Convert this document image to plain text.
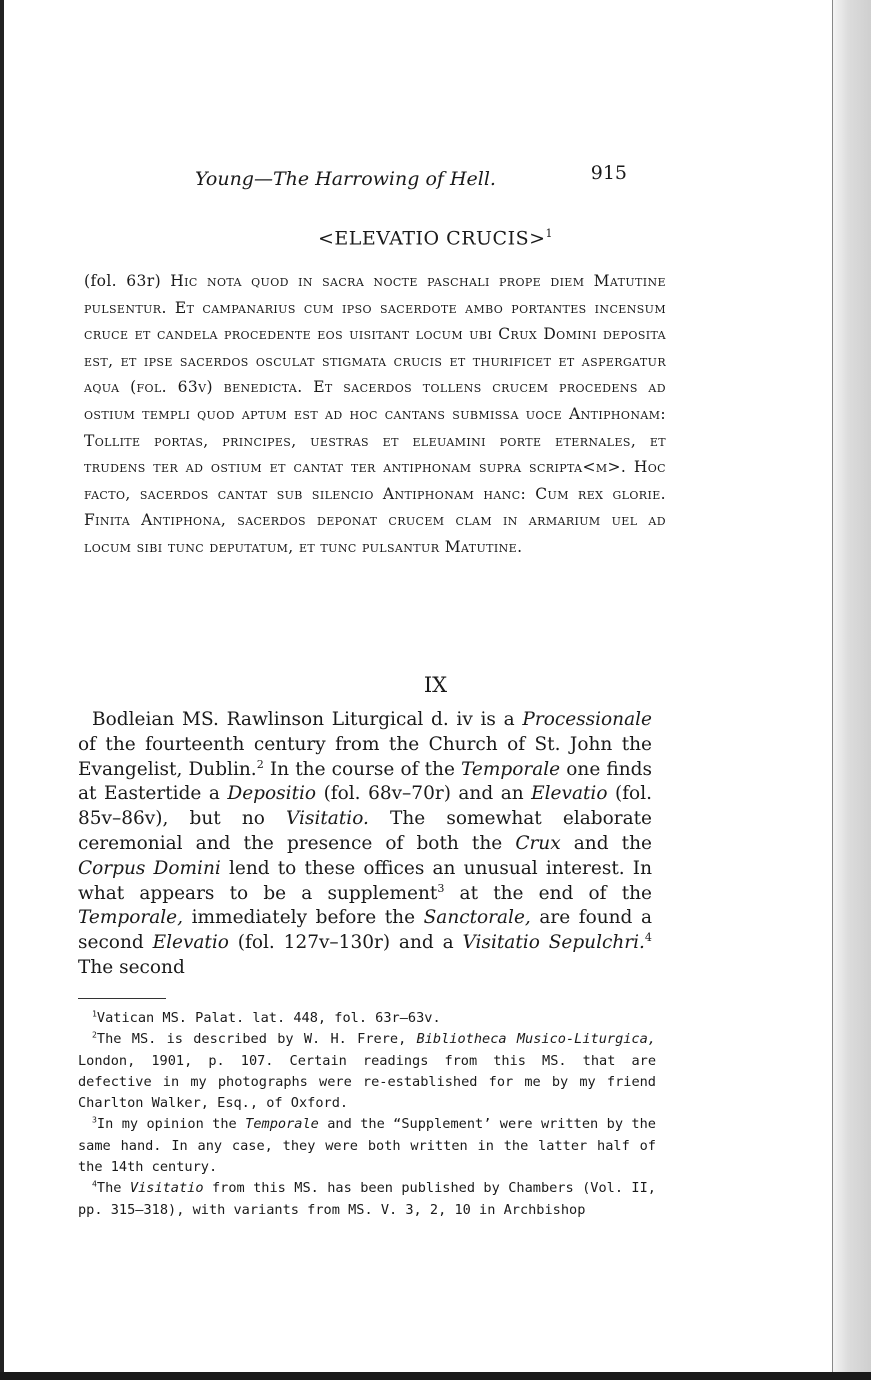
Young—The Harrowing of Hell.	915
<ELEVATIO CRUCIS>$^1$
(fol. 63r) Hic nota quod in sacra nocte paschali prope diem Matutine pulsentur. Et campanarius cum ipso sacerdote ambo portantes incensum cruce et candela procedente eos uisitant locum ubi Crux Domini deposita est, et ipse sacerdos osculat stigmata crucis et thurificet et aspergatur aqua (fol. 63v) benedicta. Et sacerdos tollens crucem procedens ad ostium templi quod aptum est ad hoc cantans submissa uoce Antiphonam: Tollite portas, principes, uestras et eleuamini porte eternales, et trudens ter ad ostium et cantat ter antiphonam supra scripta<m>. Hoc facto, sacerdos cantat sub silencio Antiphonam hanc: Cum rex glorie. Finita Antiphona, sacerdos deponat crucem clam in armarium uel ad locum sibi tunc deputatum, et tunc pulsantur Matutine.
IX
Bodleian MS. Rawlinson Liturgical d. iv is a Processionale of the fourteenth century from the Church of St. John the Evangelist, Dublin.$^2$ In the course of the Temporale one finds at Eastertide a Depositio (fol. 68v–70r) and an Elevatio (fol. 85v–86v), but no Visitatio. The somewhat elaborate ceremonial and the presence of both the Crux and the Corpus Domini lend to these offices an unusual interest. In what appears to be a supplement$^3$ at the end of the Temporale, immediately before the Sanctorale, are found a second Elevatio (fol. 127v–130r) and a Visitatio Sepulchri.$^4$ The second

$^1$Vatican MS. Palat. lat. 448, fol. 63r–63v.

$^2$The MS. is described by W. H. Frere, Bibliotheca Musico-Liturgica, London, 1901, p. 107. Certain readings from this MS. that are defective in my photographs were re-established for me by my friend Charlton Walker, Esq., of Oxford.

$^3$In my opinion the Temporale and the “Supplement’ were written by the same hand. In any case, they were both written in the latter half of the 14th century.

$^4$The Visitatio from this MS. has been published by Chambers (Vol. II, pp. 315–318), with variants from MS. V. 3, 2, 10 in Archbishop
